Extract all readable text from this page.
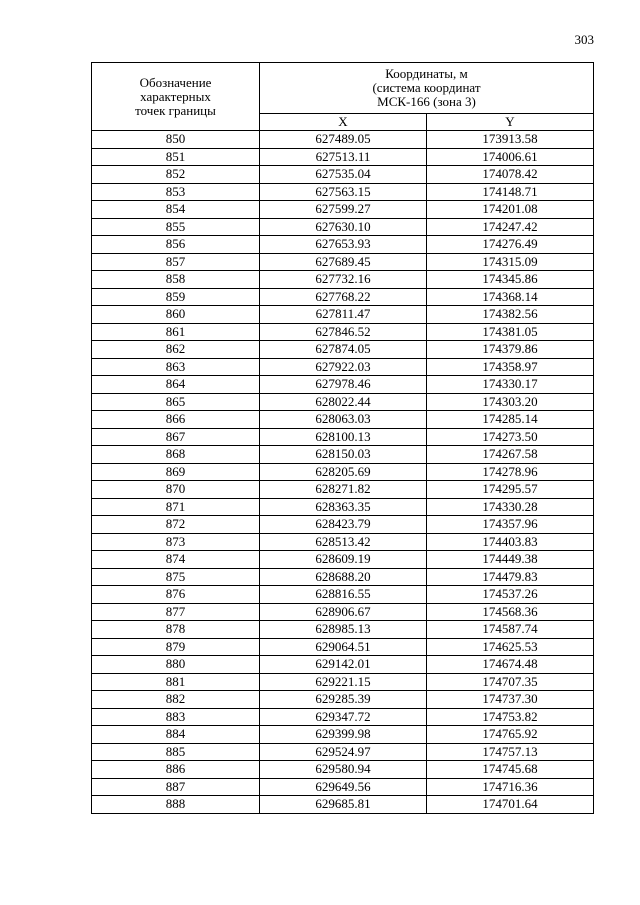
303
Обозначение
характерных
точек границы	Координаты, м
(система координат
МСК-166 (зона 3)	

	X	Y
850	627489.05	173913.58
851	627513.11	174006.61
852	627535.04	174078.42
853	627563.15	174148.71
854	627599.27	174201.08
855	627630.10	174247.42
856	627653.93	174276.49
857	627689.45	174315.09
858	627732.16	174345.86
859	627768.22	174368.14
860	627811.47	174382.56
861	627846.52	174381.05
862	627874.05	174379.86
863	627922.03	174358.97
864	627978.46	174330.17
865	628022.44	174303.20
866	628063.03	174285.14
867	628100.13	174273.50
868	628150.03	174267.58
869	628205.69	174278.96
870	628271.82	174295.57
871	628363.35	174330.28
872	628423.79	174357.96
873	628513.42	174403.83
874	628609.19	174449.38
875	628688.20	174479.83
876	628816.55	174537.26
877	628906.67	174568.36
878	628985.13	174587.74
879	629064.51	174625.53
880	629142.01	174674.48
881	629221.15	174707.35
882	629285.39	174737.30
883	629347.72	174753.82
884	629399.98	174765.92
885	629524.97	174757.13
886	629580.94	174745.68
887	629649.56	174716.36
888	629685.81	174701.64
